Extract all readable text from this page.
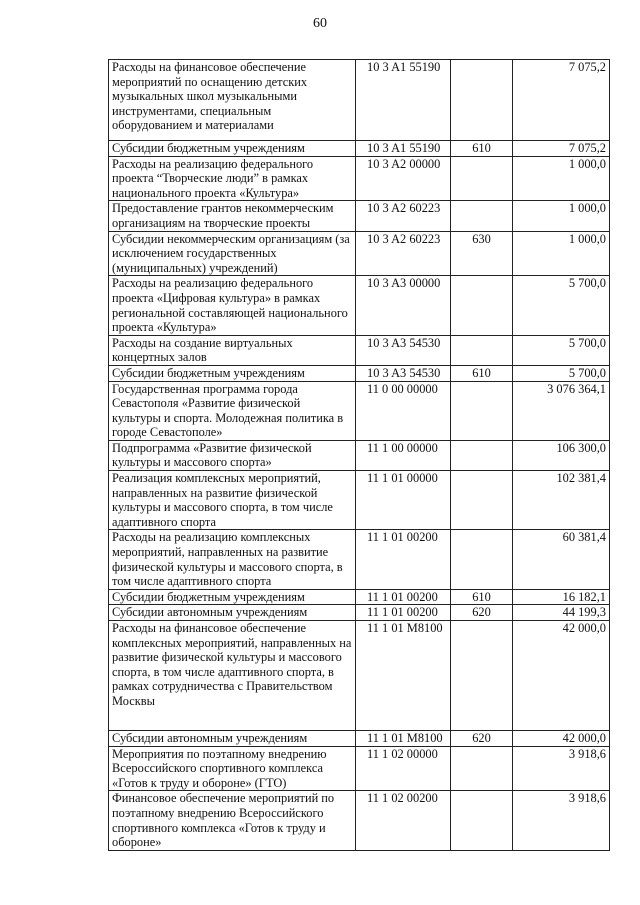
60
Расходы на финансовое обеспечение мероприятий по оснащению детских музыкальных школ музыкальными инструментами, специальным оборудованием и материалами	10 3 A1 55190		7 075,2
Субсидии бюджетным учреждениям	10 3 A1 55190	610	7 075,2
Расходы на реализацию федерального проекта “Творческие люди” в рамках национального проекта «Культура»	10 3 A2 00000		1 000,0
Предоставление грантов некоммерческим организациям на творческие проекты	10 3 A2 60223		1 000,0
Субсидии некоммерческим организациям (за исключением государственных (муниципальных) учреждений)	10 3 A2 60223	630	1 000,0
Расходы на реализацию федерального проекта «Цифровая культура» в рамках региональной составляющей национального проекта «Культура»	10 3 A3 00000		5 700,0
Расходы на создание виртуальных концертных залов	10 3 A3 54530		5 700,0
Субсидии бюджетным учреждениям	10 3 A3 54530	610	5 700,0
Государственная программа города Севастополя «Развитие физической культуры и спорта. Молодежная политика в городе Севастополе»	11 0 00 00000		3 076 364,1
Подпрограмма «Развитие физической культуры и массового спорта»	11 1 00 00000		106 300,0
Реализация комплексных мероприятий, направленных на развитие физической культуры и массового спорта, в том числе адаптивного спорта	11 1 01 00000		102 381,4
Расходы на реализацию комплексных мероприятий, направленных на развитие физической культуры и массового спорта, в том числе адаптивного спорта	11 1 01 00200		60 381,4
Субсидии бюджетным учреждениям	11 1 01 00200	610	16 182,1
Субсидии автономным учреждениям	11 1 01 00200	620	44 199,3
Расходы на финансовое обеспечение комплексных мероприятий, направленных на развитие физической культуры и массового спорта, в том числе адаптивного спорта, в рамках сотрудничества с Правительством Москвы	11 1 01 M8100		42 000,0
Субсидии автономным учреждениям	11 1 01 M8100	620	42 000,0
Мероприятия по поэтапному внедрению Всероссийского спортивного комплекса «Готов к труду и обороне» (ГТО)	11 1 02 00000		3 918,6
Финансовое обеспечение мероприятий по поэтапному внедрению Всероссийского спортивного комплекса «Готов к труду и обороне»	11 1 02 00200		3 918,6
